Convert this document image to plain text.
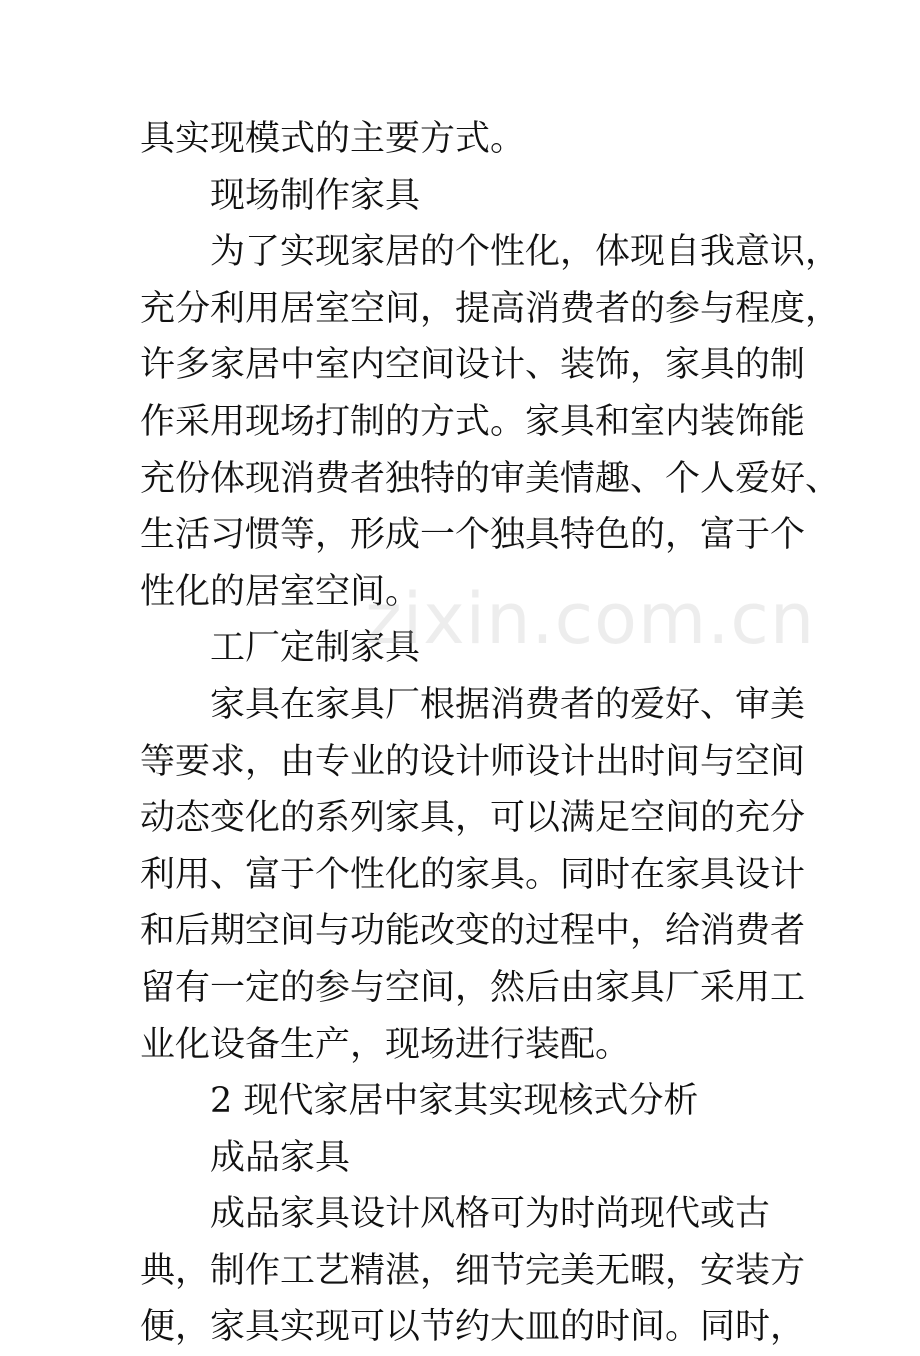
具实现模式的主要方式。
现场制作家具
为了实现家居的个性化，体现自我意识，
充分利用居室空间，提高消费者的参与程度，
许多家居中室内空间设计、装饰，家具的制
作采用现场打制的方式。家具和室内装饰能
充份体现消费者独特的审美情趣、个人爱好、
生活习惯等，形成一个独具特色的，富于个
性化的居室空间。
工厂定制家具
家具在家具厂根据消费者的爱好、审美
等要求，由专业的设计师设计出时间与空间
动态变化的系列家具，可以满足空间的充分
利用、富于个性化的家具。同时在家具设计
和后期空间与功能改变的过程中，给消费者
留有一定的参与空间，然后由家具厂采用工
业化设备生产，现场进行装配。
2 现代家居中家其实现核式分析
成品家具
成品家具设计风格可为时尚现代或古
典，制作工艺精湛，细节完美无暇，安装方
便，家具实现可以节约大皿的时间。同时，
zixin.com.cn
